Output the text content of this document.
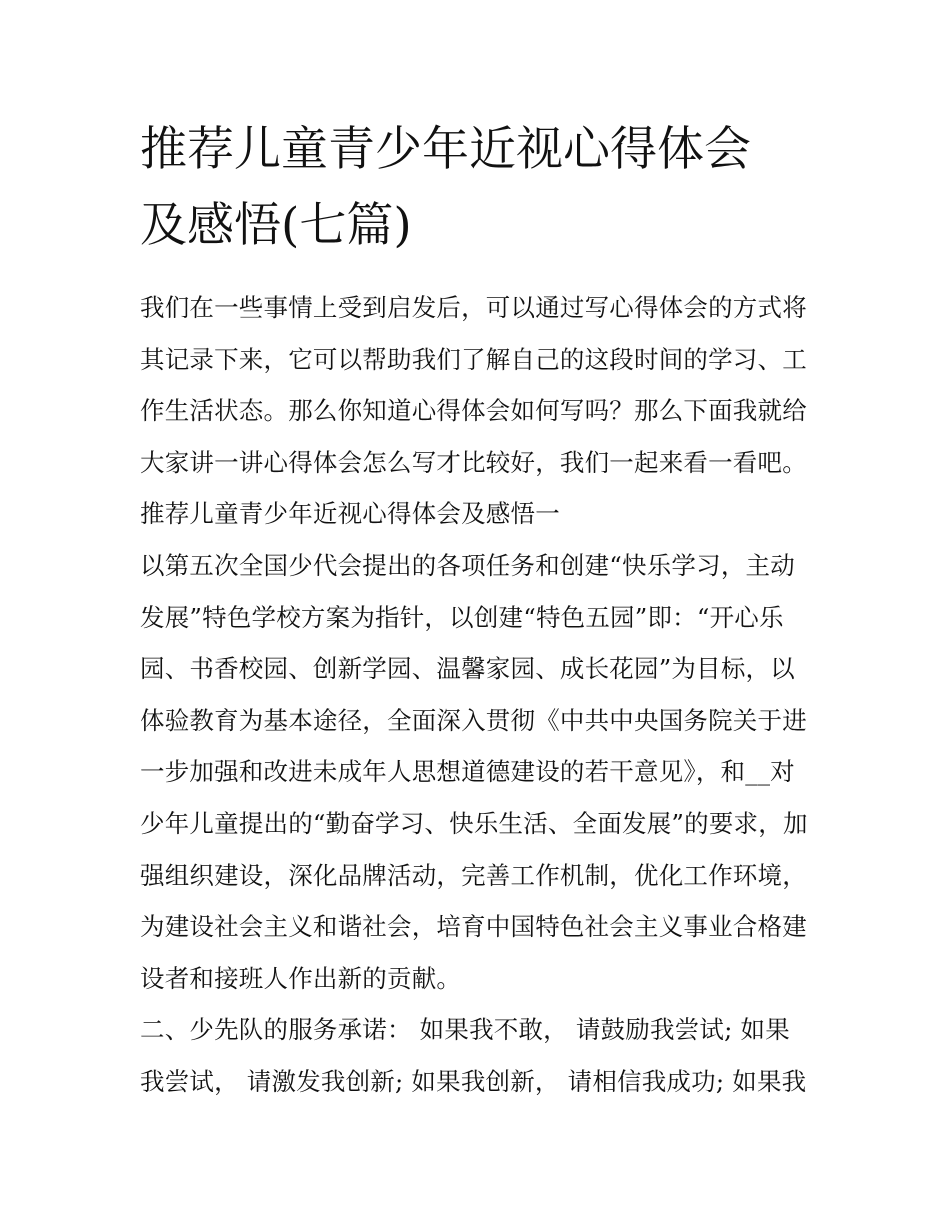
推荐儿童青少年近视心得体会
及感悟(七篇)
我们在一些事情上受到启发后，可以通过写心得体会的方式将
其记录下来，它可以帮助我们了解自己的这段时间的学习、工
作生活状态。那么你知道心得体会如何写吗？那么下面我就给
大家讲一讲心得体会怎么写才比较好，我们一起来看一看吧。
推荐儿童青少年近视心得体会及感悟一
以第五次全国少代会提出的各项任务和创建“快乐学习，主动
发展”特色学校方案为指针，以创建“特色五园”即：“开心乐
园、书香校园、创新学园、温馨家园、成长花园”为目标，以
体验教育为基本途径，全面深入贯彻《中共中央国务院关于进
一步加强和改进未成年人思想道德建设的若干意见》，和__对
少年儿童提出的“勤奋学习、快乐生活、全面发展”的要求，加
强组织建设，深化品牌活动，完善工作机制，优化工作环境，
为建设社会主义和谐社会，培育中国特色社会主义事业合格建
设者和接班人作出新的贡献。
二、少先队的服务承诺： 如果我不敢， 请鼓励我尝试; 如果
我尝试， 请激发我创新; 如果我创新， 请相信我成功; 如果我
